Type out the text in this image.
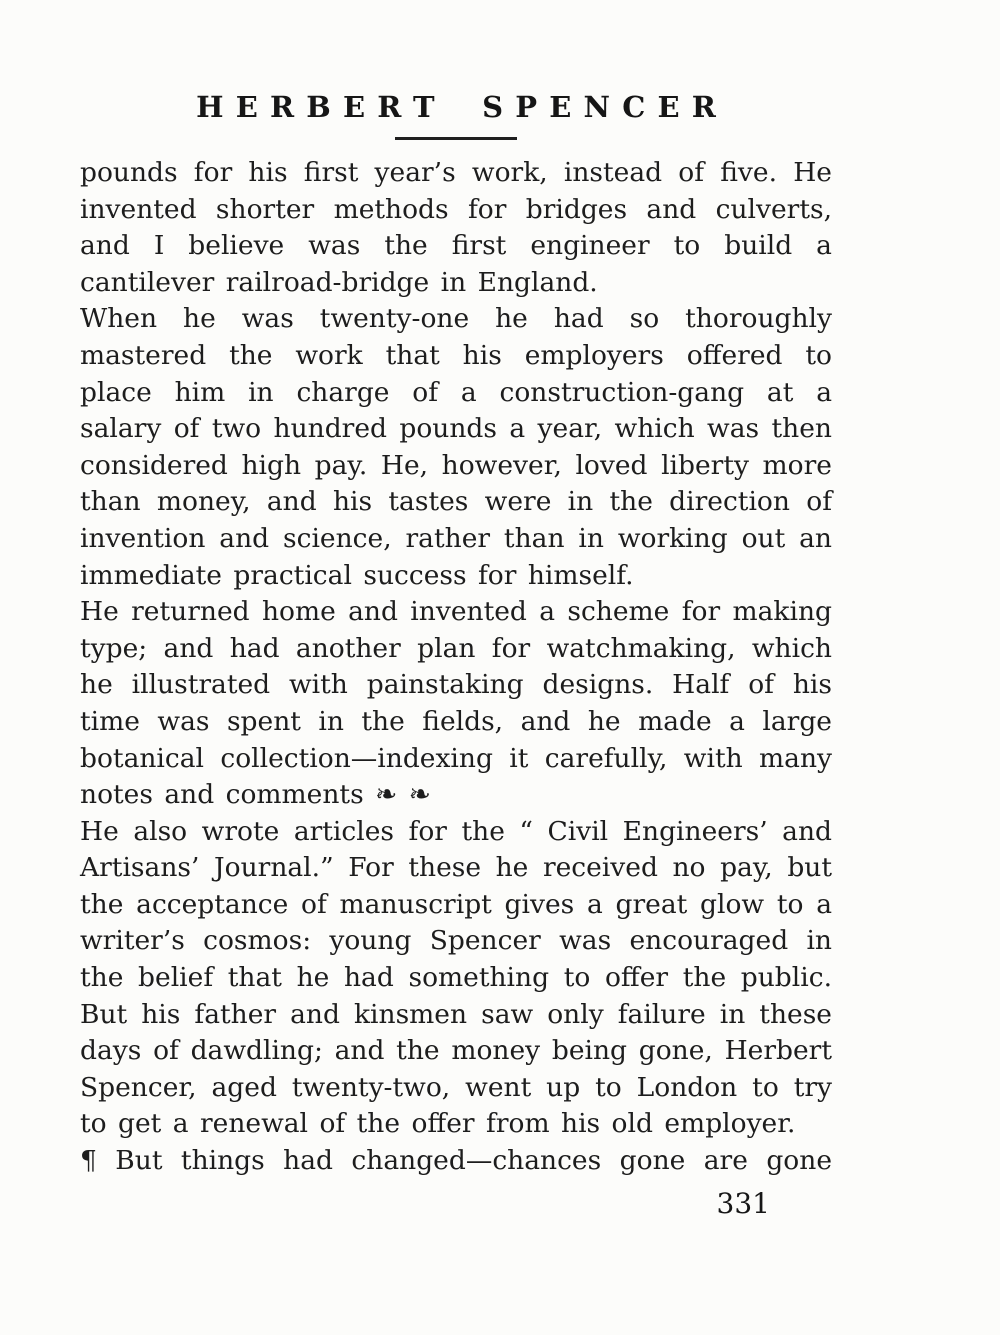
HERBERT SPENCER

pounds for his first year’s work, instead of five. He invented shorter methods for bridges and culverts, and I believe was the first engineer to build a cantilever railroad-bridge in England.

When he was twenty-one he had so thoroughly mastered the work that his employers offered to place him in charge of a construction-gang at a salary of two hundred pounds a year, which was then considered high pay. He, however, loved liberty more than money, and his tastes were in the direction of invention and science, rather than in working out an immediate practical success for himself.

He returned home and invented a scheme for making type; and had another plan for watchmaking, which he illustrated with painstaking designs. Half of his time was spent in the fields, and he made a large botanical collection—indexing it carefully, with many notes and comments ❧ ❧

He also wrote articles for the “ Civil Engineers’ and Artisans’ Journal.” For these he received no pay, but the acceptance of manuscript gives a great glow to a writer’s cosmos: young Spencer was encouraged in the belief that he had something to offer the public. But his father and kinsmen saw only failure in these days of dawdling; and the money being gone, Herbert Spencer, aged twenty-two, went up to London to try to get a renewal of the offer from his old employer.

¶ But things had changed—chances gone are gone

331
